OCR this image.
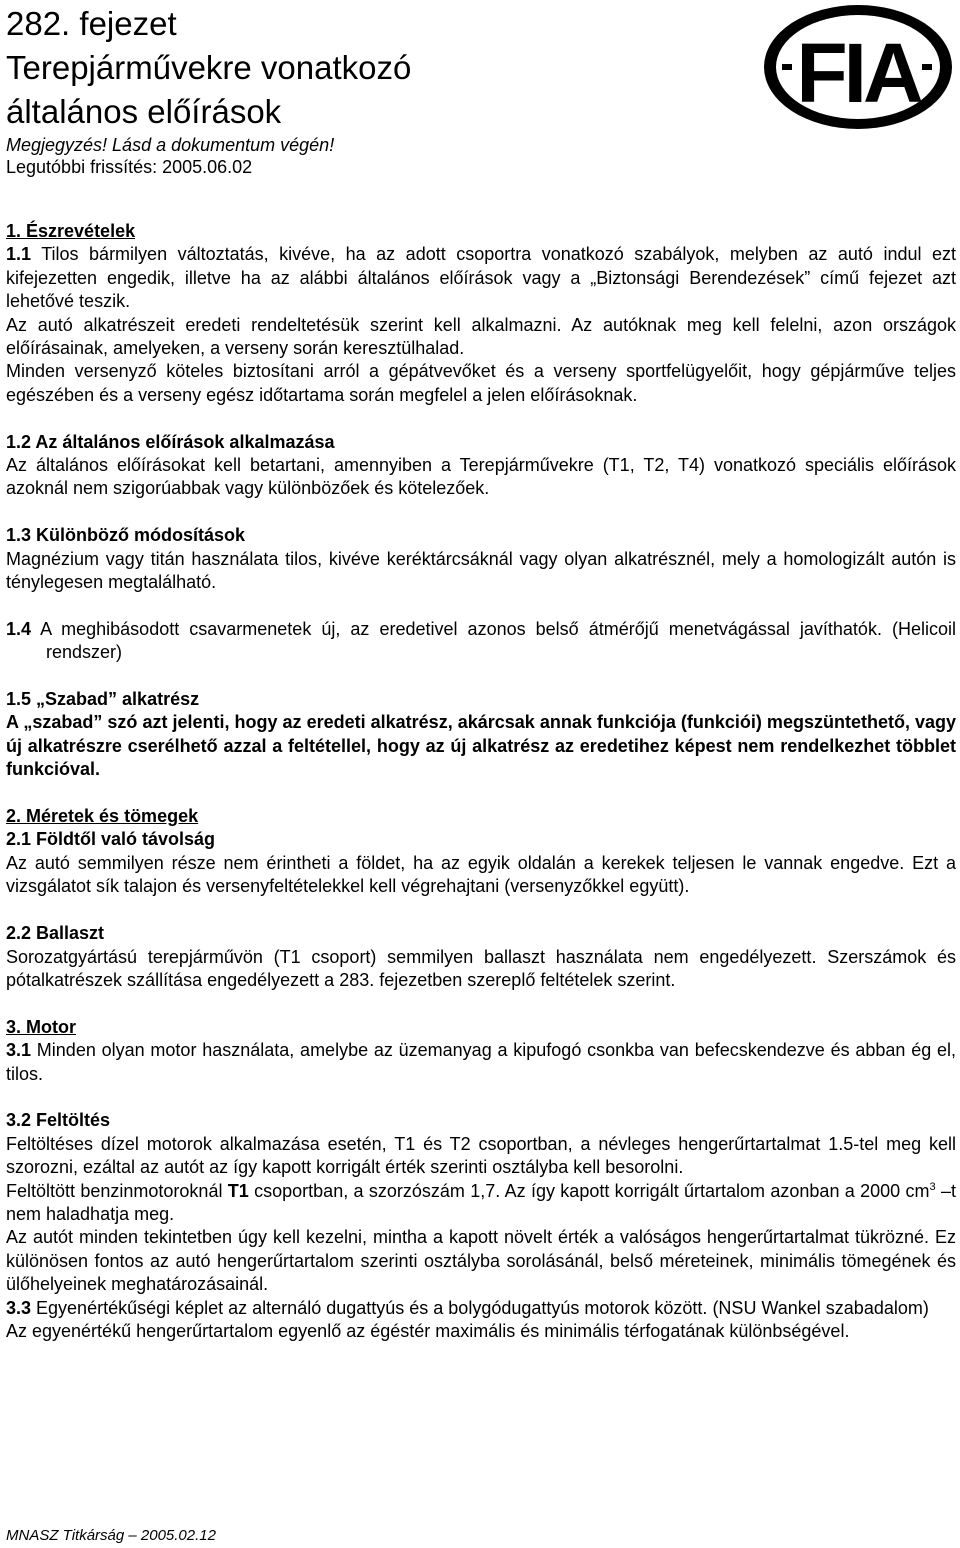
282. fejezet
Terepjárművekre vonatkozó
általános előírások
Megjegyzés! Lásd a dokumentum végén!
Legutóbbi frissítés: 2005.06.02
FIA

1. Észrevételek

1.1 Tilos bármilyen változtatás, kivéve, ha az adott csoportra vonatkozó szabályok, melyben az autó indul ezt kifejezetten engedik, illetve ha az alábbi általános előírások vagy a „Biztonsági Berendezések” című fejezet azt lehetővé teszik.

Az autó alkatrészeit eredeti rendeltetésük szerint kell alkalmazni. Az autóknak meg kell felelni, azon országok előírásainak, amelyeken, a verseny során keresztülhalad.

Minden versenyző köteles biztosítani arról a gépátvevőket és a verseny sportfelügyelőit, hogy gépjárműve teljes egészében és a verseny egész időtartama során megfelel a jelen előírásoknak.

1.2 Az általános előírások alkalmazása

Az általános előírásokat kell betartani, amennyiben a Terepjárművekre (T1, T2, T4) vonatkozó speciális előírások azoknál nem szigorúabbak vagy különbözőek és kötelezőek.

1.3 Különböző módosítások

Magnézium vagy titán használata tilos, kivéve keréktárcsáknál vagy olyan alkatrésznél, mely a homologizált autón is ténylegesen megtalálható.

1.4 A meghibásodott csavarmenetek új, az eredetivel azonos belső átmérőjű menetvágással javíthatók. (Helicoil rendszer)

1.5 „Szabad” alkatrész

A „szabad” szó azt jelenti, hogy az eredeti alkatrész, akárcsak annak funkciója (funkciói) megszüntethető, vagy új alkatrészre cserélhető azzal a feltétellel, hogy az új alkatrész az eredetihez képest nem rendelkezhet többlet funkcióval.

2. Méretek és tömegek

2.1 Földtől való távolság

Az autó semmilyen része nem érintheti a földet, ha az egyik oldalán a kerekek teljesen le vannak engedve. Ezt a vizsgálatot sík talajon és versenyfeltételekkel kell végrehajtani (versenyzőkkel együtt).

2.2 Ballaszt

Sorozatgyártású terepjárművön (T1 csoport) semmilyen ballaszt használata nem engedélyezett. Szerszámok és pótalkatrészek szállítása engedélyezett a 283. fejezetben szereplő feltételek szerint.

3. Motor

3.1 Minden olyan motor használata, amelybe az üzemanyag a kipufogó csonkba van befecskendezve és abban ég el, tilos.

3.2 Feltöltés

Feltöltéses dízel motorok alkalmazása esetén, T1 és T2 csoportban, a névleges hengerűrtartalmat 1.5-tel meg kell szorozni, ezáltal az autót az így kapott korrigált érték szerinti osztályba kell besorolni.

Feltöltött benzinmotoroknál T1 csoportban, a szorzószám 1,7. Az így kapott korrigált űrtartalom azonban a 2000 $cm^3$ –t nem haladhatja meg.

Az autót minden tekintetben úgy kell kezelni, mintha a kapott növelt érték a valóságos hengerűrtartalmat tükrözné. Ez különösen fontos az autó hengerűrtartalom szerinti osztályba sorolásánál, belső méreteinek, minimális tömegének és ülőhelyeinek meghatározásainál.

3.3 Egyenértékűségi képlet az alternáló dugattyús és a bolygódugattyús motorok között. (NSU Wankel szabadalom)

Az egyenértékű hengerűrtartalom egyenlő az égéstér maximális és minimális térfogatának különbségével.

MNASZ Titkárság – 2005.02.12
